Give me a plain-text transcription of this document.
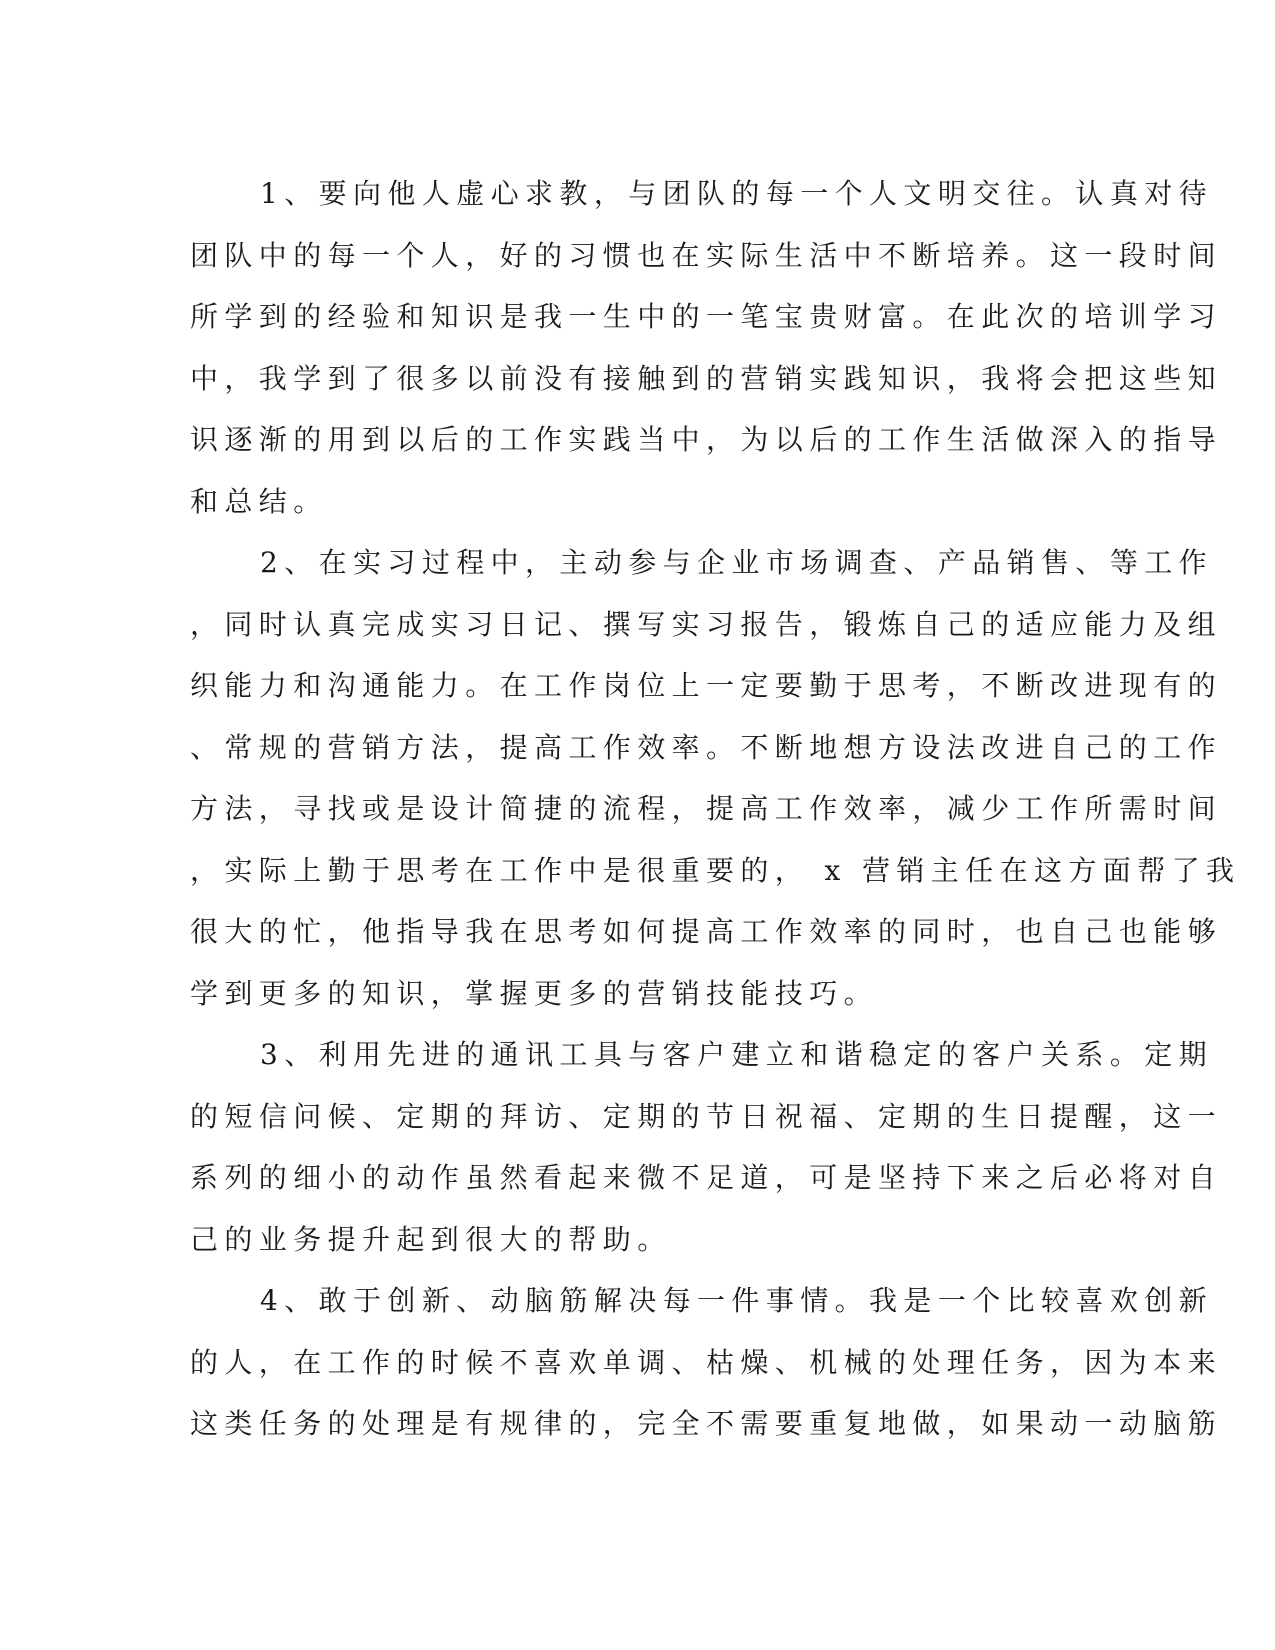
1、要向他人虚心求教，与团队的每一个人文明交往。认真对待
团队中的每一个人，好的习惯也在实际生活中不断培养。这一段时间
所学到的经验和知识是我一生中的一笔宝贵财富。在此次的培训学习
中，我学到了很多以前没有接触到的营销实践知识，我将会把这些知
识逐渐的用到以后的工作实践当中，为以后的工作生活做深入的指导
和总结。
2、在实习过程中，主动参与企业市场调查、产品销售、等工作
，同时认真完成实习日记、撰写实习报告，锻炼自己的适应能力及组
织能力和沟通能力。在工作岗位上一定要勤于思考，不断改进现有的
、常规的营销方法，提高工作效率。不断地想方设法改进自己的工作
方法，寻找或是设计简捷的流程，提高工作效率，减少工作所需时间
，实际上勤于思考在工作中是很重要的， x 营销主任在这方面帮了我
很大的忙，他指导我在思考如何提高工作效率的同时，也自己也能够
学到更多的知识，掌握更多的营销技能技巧。
3、利用先进的通讯工具与客户建立和谐稳定的客户关系。定期
的短信问候、定期的拜访、定期的节日祝福、定期的生日提醒，这一
系列的细小的动作虽然看起来微不足道，可是坚持下来之后必将对自
己的业务提升起到很大的帮助。
4、敢于创新、动脑筋解决每一件事情。我是一个比较喜欢创新
的人，在工作的时候不喜欢单调、枯燥、机械的处理任务，因为本来
这类任务的处理是有规律的，完全不需要重复地做，如果动一动脑筋
